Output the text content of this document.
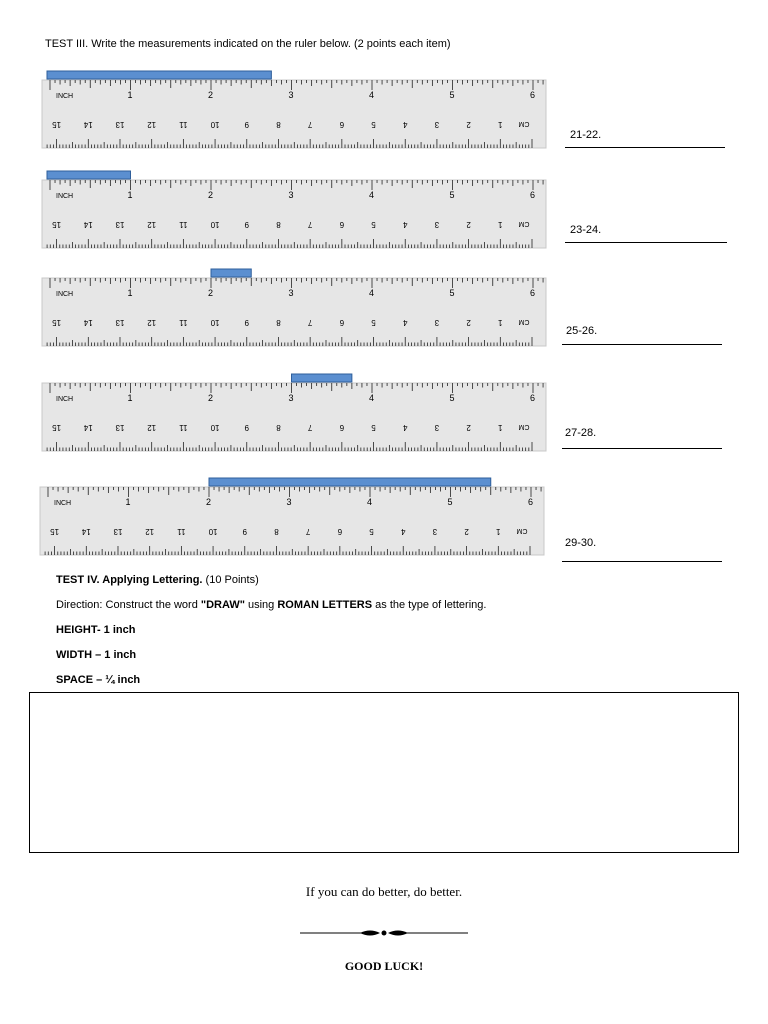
TEST III. Write the measurements indicated on the ruler below. (2 points each item)
INCH	1	2	3	4	5	6
1
2
3
4
5
6
7
8
9
10
11
12
13
14
15	CM
21-22.
INCH	1	2	3	4	5	6
1
2
3
4
5
6
7
8
9
10
11
12
13
14
15	CM
23-24.
INCH	1	2	3	4	5	6
1
2
3
4
5
6
7
8
9
10
11
12
13
14
15	CM
25-26.
INCH	1	2	3	4	5	6
1
2
3
4
5
6
7
8
9
10
11
12
13
14
15	CM
27-28.
INCH	1	2	3	4	5	6
1
2
3
4
5
6
7
8
9
10
11
12
13
14
15	CM
29-30.
TEST IV. Applying Lettering. (10 Points)
Direction: Construct the word "DRAW" using ROMAN LETTERS as the type of lettering.
HEIGHT- 1 inch
WIDTH – 1 inch
SPACE – ¼ inch
If you can do better, do better.
GOOD LUCK!
